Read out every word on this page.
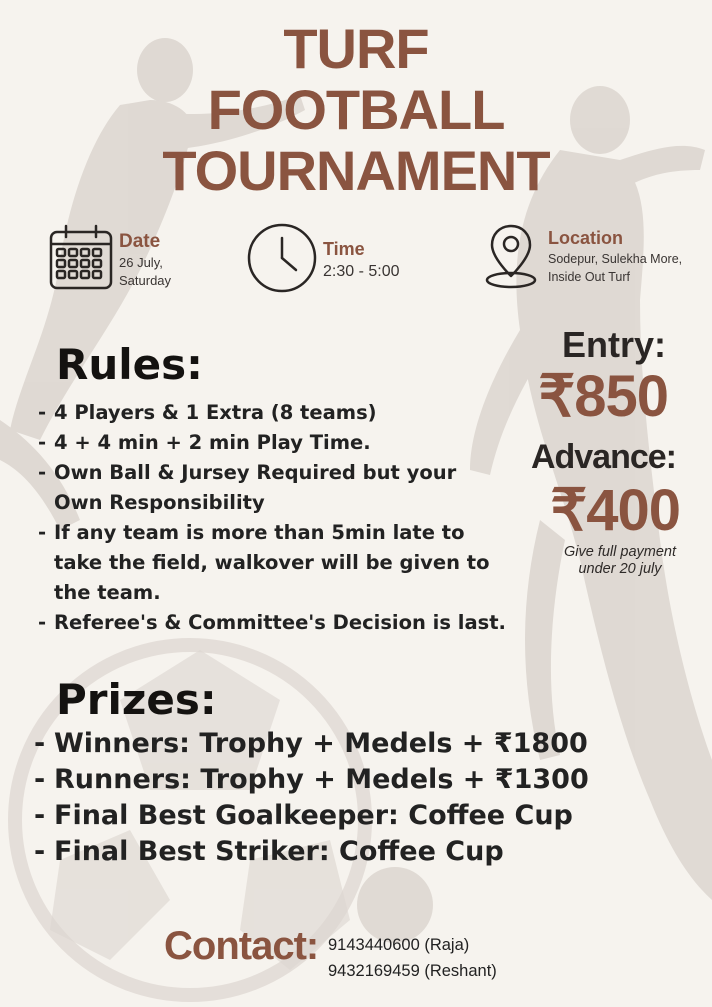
TURF
FOOTBALL
TOURNAMENT
Date
26 July,
Saturday
Time
2:30 - 5:00
Location
Sodepur, Sulekha More,
Inside Out Turf
Rules:
- 4 Players & 1 Extra (8 teams)
- 4 + 4 min + 2 min Play Time.
- Own Ball & Jursey Required but your Own Responsibility
- If any team is more than 5min late to take the field, walkover will be given to the team.
- Referee's & Committee's Decision is last.
Entry:
₹850
Advance:
₹400
Give full payment
under 20 july
Prizes:
- Winners: Trophy + Medels + ₹1800
- Runners: Trophy + Medels + ₹1300
- Final Best Goalkeeper: Coffee Cup
- Final Best Striker: Coffee Cup
Contact: 9143440600 (Raja)
9432169459 (Reshant)
